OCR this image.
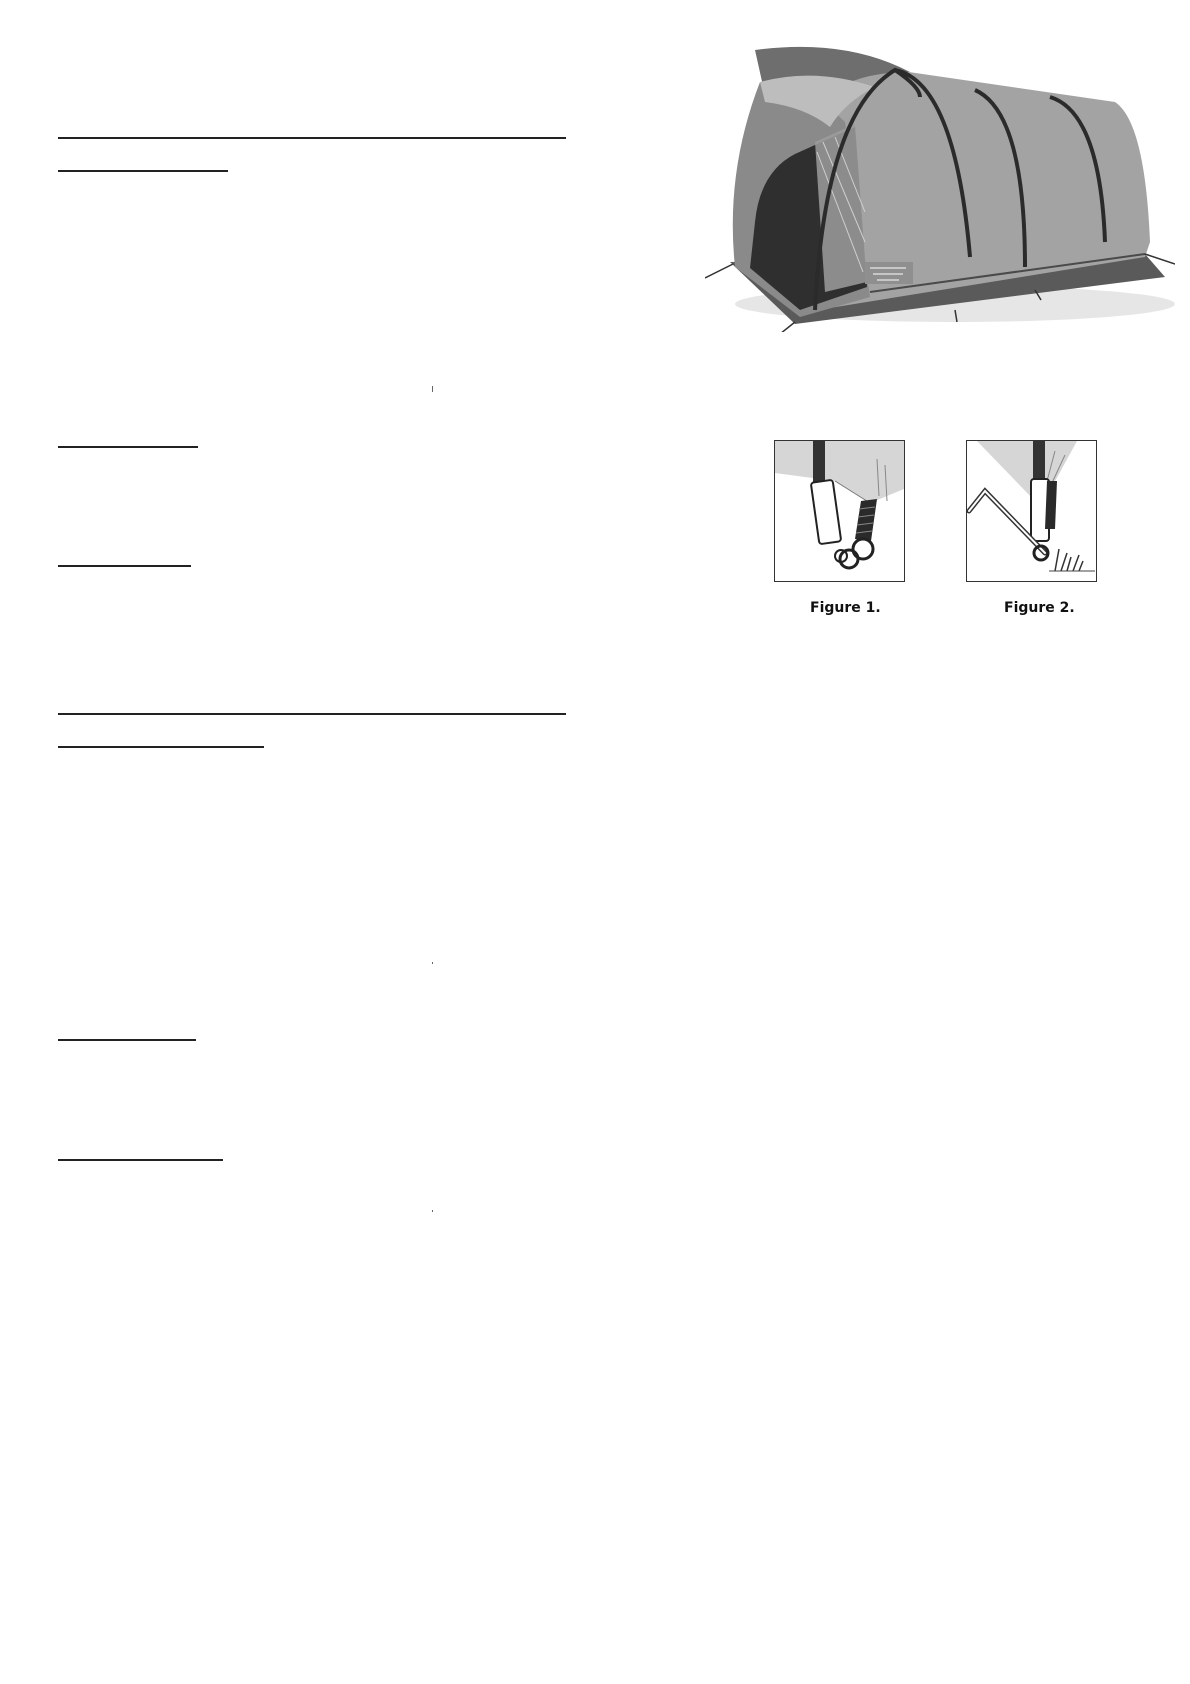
Figure 1.	Figure 2.
